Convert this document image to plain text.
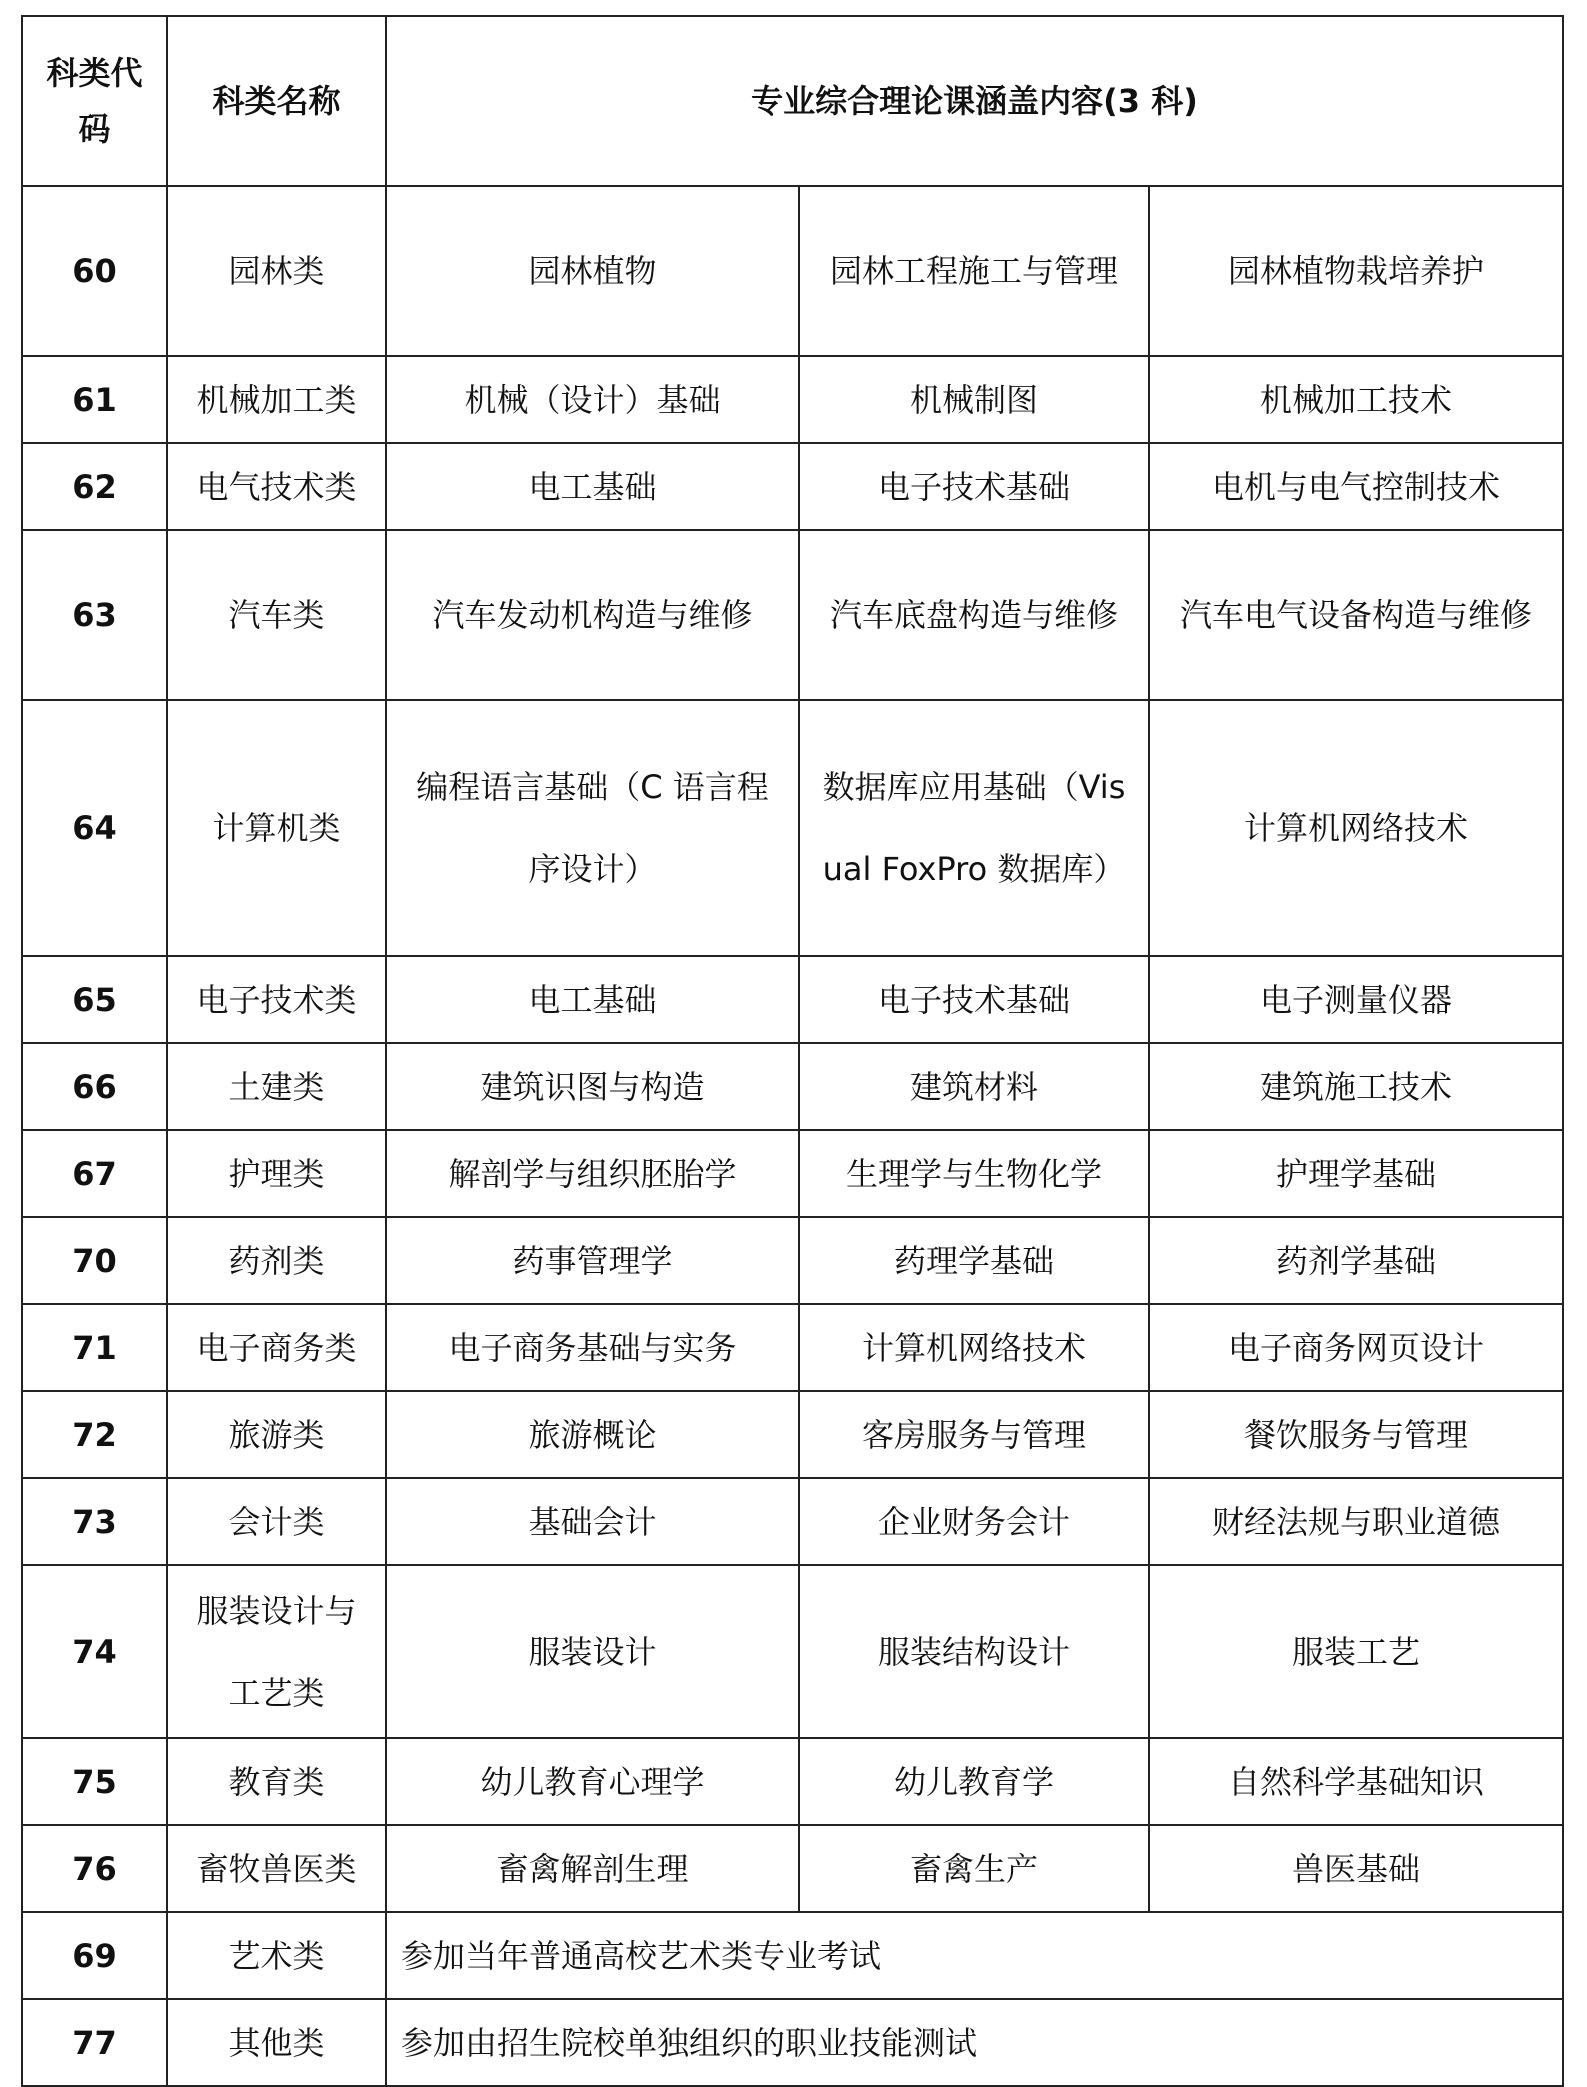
科类代码	科类名称	专业综合理论课涵盖内容(3 科)		
60	园林类	园林植物	园林工程施工与管理	园林植物栽培养护
61	机械加工类	机械（设计）基础	机械制图	机械加工技术
62	电气技术类	电工基础	电子技术基础	电机与电气控制技术
63	汽车类	汽车发动机构造与维修	汽车底盘构造与维修	汽车电气设备构造与维修
64	计算机类	编程语言基础（C 语言程序设计）	数据库应用基础（Visual FoxPro 数据库）	计算机网络技术
65	电子技术类	电工基础	电子技术基础	电子测量仪器
66	土建类	建筑识图与构造	建筑材料	建筑施工技术
67	护理类	解剖学与组织胚胎学	生理学与生物化学	护理学基础
70	药剂类	药事管理学	药理学基础	药剂学基础
71	电子商务类	电子商务基础与实务	计算机网络技术	电子商务网页设计
72	旅游类	旅游概论	客房服务与管理	餐饮服务与管理
73	会计类	基础会计	企业财务会计	财经法规与职业道德
74	服装设计与工艺类	服装设计	服装结构设计	服装工艺
75	教育类	幼儿教育心理学	幼儿教育学	自然科学基础知识
76	畜牧兽医类	畜禽解剖生理	畜禽生产	兽医基础
69	艺术类	参加当年普通高校艺术类专业考试		
77	其他类	参加由招生院校单独组织的职业技能测试		
